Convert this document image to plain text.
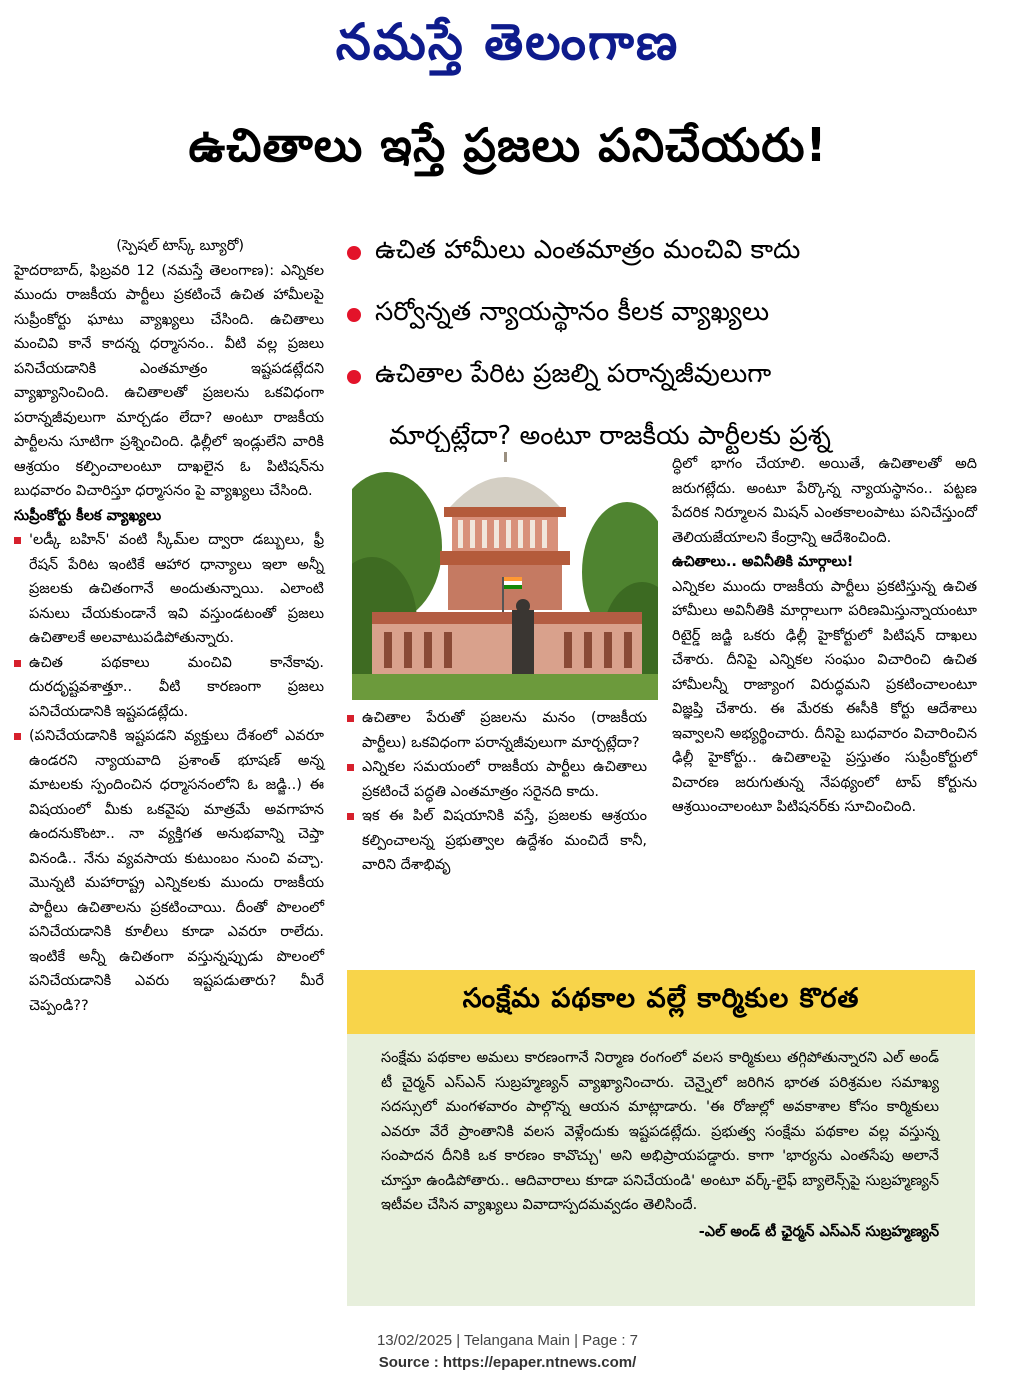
నమస్తే తెలంగాణ
ఉచితాలు ఇస్తే ప్రజలు పనిచేయరు!

(స్పెషల్ టాస్క్ బ్యూరో)

హైదరాబాద్, ఫిబ్రవరి 12 (నమస్తే తెలంగాణ): ఎన్నికల ముందు రాజకీయ పార్టీలు ప్రకటించే ఉచిత హామీలపై సుప్రీంకోర్టు ఘాటు వ్యాఖ్యలు చేసింది. ఉచితాలు మంచివి కానే కాదన్న ధర్మాసనం.. వీటి వల్ల ప్రజలు పనిచేయడానికి ఎంతమాత్రం ఇష్టపడట్లేదని వ్యాఖ్యానించింది. ఉచితాలతో ప్రజలను ఒకవిధంగా పరాన్నజీవులుగా మార్చడం లేదా? అంటూ రాజకీయ పార్టీలను సూటిగా ప్రశ్నించింది. ఢిల్లీలో ఇండ్లులేని వారికి ఆశ్రయం కల్పించాలంటూ దాఖలైన ఓ పిటిషన్‌ను బుధవారం విచారిస్తూ ధర్మాసనం పై వ్యాఖ్యలు చేసింది.

సుప్రీంకోర్టు కీలక వ్యాఖ్యలు

'లడ్కీ బహిన్' వంటి స్కీమ్‌ల ద్వారా డబ్బులు, ఫ్రీ రేషన్ పేరిట ఇంటికే ఆహార ధాన్యాలు ఇలా అన్నీ ప్రజలకు ఉచితంగానే అందుతున్నాయి. ఎలాంటి పనులు చేయకుండానే ఇవి వస్తుండటంతో ప్రజలు ఉచితాలకే అలవాటుపడిపోతున్నారు.
ఉచిత పథకాలు మంచివి కానేకావు. దురదృష్టవశాత్తూ.. వీటి కారణంగా ప్రజలు పనిచేయడానికి ఇష్టపడట్లేదు.
(పనిచేయడానికి ఇష్టపడని వ్యక్తులు దేశంలో ఎవరూ ఉండరని న్యాయవాది ప్రశాంత్ భూషణ్ అన్న మాటలకు స్పందించిన ధర్మాసనంలోని ఓ జడ్జి..) ఈ విషయంలో మీకు ఒకవైపు మాత్రమే అవగాహన ఉందనుకొంటా.. నా వ్యక్తిగత అనుభవాన్ని చెప్తా వినండి.. నేను వ్యవసాయ కుటుంబం నుంచి వచ్చా. మొన్నటి మహారాష్ట్ర ఎన్నికలకు ముందు రాజకీయ పార్టీలు ఉచితాలను ప్రకటించాయి. దీంతో పొలంలో పనిచేయడానికి కూలీలు కూడా ఎవరూ రాలేదు. ఇంటికే అన్నీ ఉచితంగా వస్తున్నప్పుడు పొలంలో పనిచేయడానికి ఎవరు ఇష్టపడుతారు? మీరే చెప్పండి??
ఉచిత హామీలు ఎంతమాత్రం మంచివి కాదు
సర్వోన్నత న్యాయస్థానం కీలక వ్యాఖ్యలు
ఉచితాల పేరిట ప్రజల్ని పరాన్నజీవులుగా
మార్చట్లేదా? అంటూ రాజకీయ పార్టీలకు ప్రశ్న
ఉచితాల పేరుతో ప్రజలను మనం (రాజకీయ పార్టీలు) ఒకవిధంగా పరాన్నజీవులుగా మార్చట్లేదా?
ఎన్నికల సమయంలో రాజకీయ పార్టీలు ఉచితాలు ప్రకటించే పద్ధతి ఎంతమాత్రం సరైనది కాదు.
ఇక ఈ పిల్ విషయానికి వస్తే, ప్రజలకు ఆశ్రయం కల్పించాలన్న ప్రభుత్వాల ఉద్దేశం మంచిదే కానీ, వారిని దేశాభివృ

ద్ధిలో భాగం చేయాలి. అయితే, ఉచితాలతో అది జరుగట్లేదు. అంటూ పేర్కొన్న న్యాయస్థానం.. పట్టణ పేదరిక నిర్మూలన మిషన్ ఎంతకాలంపాటు పనిచేస్తుందో తెలియజేయాలని కేంద్రాన్ని ఆదేశించింది.

ఉచితాలు.. అవినీతికి మార్గాలు!

ఎన్నికల ముందు రాజకీయ పార్టీలు ప్రకటిస్తున్న ఉచిత హామీలు అవినీతికి మార్గాలుగా పరిణమిస్తున్నాయంటూ రిటైర్డ్ జడ్జి ఒకరు ఢిల్లీ హైకోర్టులో పిటిషన్ దాఖలు చేశారు. దీనిపై ఎన్నికల సంఘం విచారించి ఉచిత హామీలన్నీ రాజ్యాంగ విరుద్ధమని ప్రకటించాలంటూ విజ్ఞప్తి చేశారు. ఈ మేరకు ఈసీకి కోర్టు ఆదేశాలు ఇవ్వాలని అభ్యర్థించారు. దీనిపై బుధవారం విచారించిన ఢిల్లీ హైకోర్టు.. ఉచితాలపై ప్రస్తుతం సుప్రీంకోర్టులో విచారణ జరుగుతున్న నేపథ్యంలో టాప్ కోర్టును ఆశ్రయించాలంటూ పిటిషనర్‌కు సూచించింది.

సంక్షేమ పథకాల వల్లే కార్మికుల కొరత
సంక్షేమ పథకాల అమలు కారణంగానే నిర్మాణ రంగంలో వలస కార్మికులు తగ్గిపోతున్నారని ఎల్ అండ్ టీ చైర్మన్ ఎస్ఎన్ సుబ్రహ్మణ్యన్ వ్యాఖ్యానించారు. చెన్నైలో జరిగిన భారత పరిశ్రమల సమాఖ్య సదస్సులో మంగళవారం పాల్గొన్న ఆయన మాట్లాడారు. 'ఈ రోజుల్లో అవకాశాల కోసం కార్మికులు ఎవరూ వేరే ప్రాంతానికి వలస వెళ్లేందుకు ఇష్టపడట్లేదు. ప్రభుత్వ సంక్షేమ పథకాల వల్ల వస్తున్న సంపాదన దీనికి ఒక కారణం కావొచ్చు' అని అభిప్రాయపడ్డారు. కాగా 'భార్యను ఎంతసేపు అలానే చూస్తూ ఉండిపోతారు.. ఆదివారాలు కూడా పనిచేయండి' అంటూ వర్క్-లైఫ్ బ్యాలెన్స్‌పై సుబ్రహ్మణ్యన్ ఇటీవల చేసిన వ్యాఖ్యలు వివాదాస్పదమవ్వడం తెలిసిందే.
-ఎల్ అండ్ టీ ఛైర్మన్ ఎస్ఎన్ సుబ్రహ్మణ్యన్
13/02/2025 | Telangana Main | Page : 7
Source : https://epaper.ntnews.com/
